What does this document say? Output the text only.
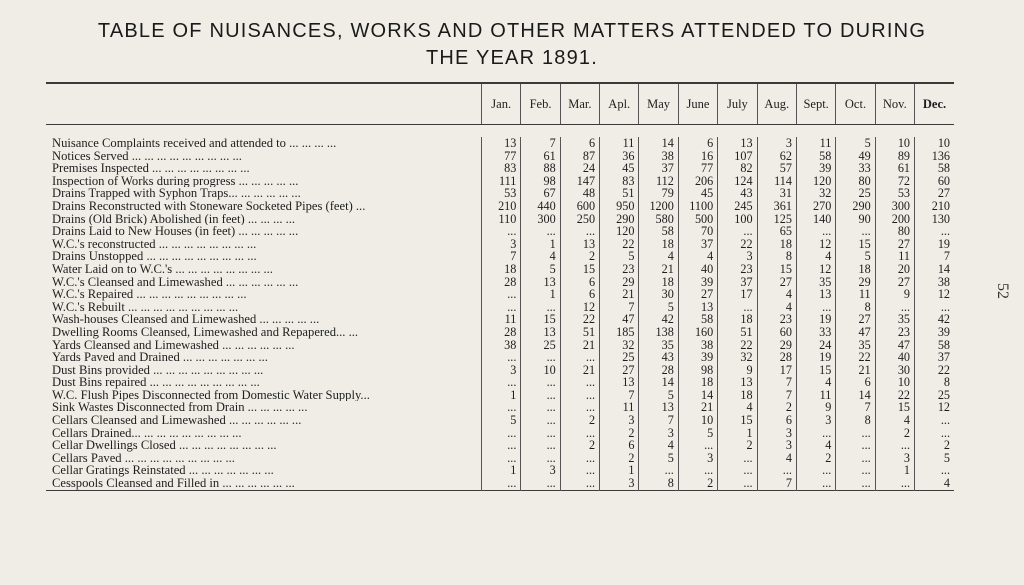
TABLE OF NUISANCES, WORKS AND OTHER MATTERS ATTENDED TO DURING
THE YEAR 1891.
52
	Jan.	Feb.	Mar.	Apl.	May	June	July	Aug.	Sept.	Oct.	Nov.	Dec.

Nuisance Complaints received and attended to ... ... ... ...	13	7	6	11	14	6	13	3	11	5	10	10
Notices Served ... ... ... ... ... ... ... ... ...	77	61	87	36	38	16	107	62	58	49	89	136
Premises Inspected ... ... ... ... ... ... ... ...	83	88	24	45	37	77	82	57	39	33	61	58
Inspection of Works during progress ... ... ... ... ...	111	98	147	83	112	206	124	114	120	80	72	60
Drains Trapped with Syphon Traps... ... ... ... ... ...	53	67	48	51	79	45	43	31	32	25	53	27
Drains Reconstructed with Stoneware Socketed Pipes (feet) ...	210	440	600	950	1200	1100	245	361	270	290	300	210
Drains (Old Brick) Abolished (in feet) ... ... ... ...	110	300	250	290	580	500	100	125	140	90	200	130
Drains Laid to New Houses (in feet) ... ... ... ... ...	...	...	...	120	58	70	...	65	...	...	80	...
W.C.'s reconstructed ... ... ... ... ... ... ... ...	3	1	13	22	18	37	22	18	12	15	27	19
Drains Unstopped ... ... ... ... ... ... ... ... ...	7	4	2	5	4	4	3	8	4	5	11	7
Water Laid on to W.C.'s ... ... ... ... ... ... ... ...	18	5	15	23	21	40	23	15	12	18	20	14
W.C.'s Cleansed and Limewashed ... ... ... ... ... ...	28	13	6	29	18	39	37	27	35	29	27	38
W.C.'s Repaired ... ... ... ... ... ... ... ... ...	...	1	6	21	30	27	17	4	13	11	9	12
W.C.'s Rebuilt ... ... ... ... ... ... ... ... ...	...	...	12	7	5	13	...	4	...	8	...	...
Wash-houses Cleansed and Limewashed ... ... ... ... ...	11	15	22	47	42	58	18	23	19	27	35	42
Dwelling Rooms Cleansed, Limewashed and Repapered... ...	28	13	51	185	138	160	51	60	33	47	23	39
Yards Cleansed and Limewashed ... ... ... ... ... ...	38	25	21	32	35	38	22	29	24	35	47	58
Yards Paved and Drained ... ... ... ... ... ... ...	...	...	...	25	43	39	32	28	19	22	40	37
Dust Bins provided ... ... ... ... ... ... ... ... ...	3	10	21	27	28	98	9	17	15	21	30	22
Dust Bins repaired ... ... ... ... ... ... ... ... ...	...	...	...	13	14	18	13	7	4	6	10	8
W.C. Flush Pipes Disconnected from Domestic Water Supply...	1	...	...	7	5	14	18	7	11	14	22	25
Sink Wastes Disconnected from Drain ... ... ... ... ...	...	...	...	11	13	21	4	2	9	7	15	12
Cellars Cleansed and Limewashed ... ... ... ... ... ...	5	...	2	3	7	10	15	6	3	8	4	...
Cellars Drained... ... ... ... ... ... ... ... ...	...	...	...	2	3	5	1	3	...	...	2	...
Cellar Dwellings Closed ... ... ... ... ... ... ... ...	...	...	2	6	4	...	2	3	4	...	...	2
Cellars Paved ... ... ... ... ... ... ... ... ...	...	...	...	2	5	3	...	4	2	...	3	5
Cellar Gratings Reinstated ... ... ... ... ... ... ...	1	3	...	1	...	...	...	...	...	...	1	...
Cesspools Cleansed and Filled in ... ... ... ... ... ...	...	...	...	3	8	2	...	7	...	...	...	4
